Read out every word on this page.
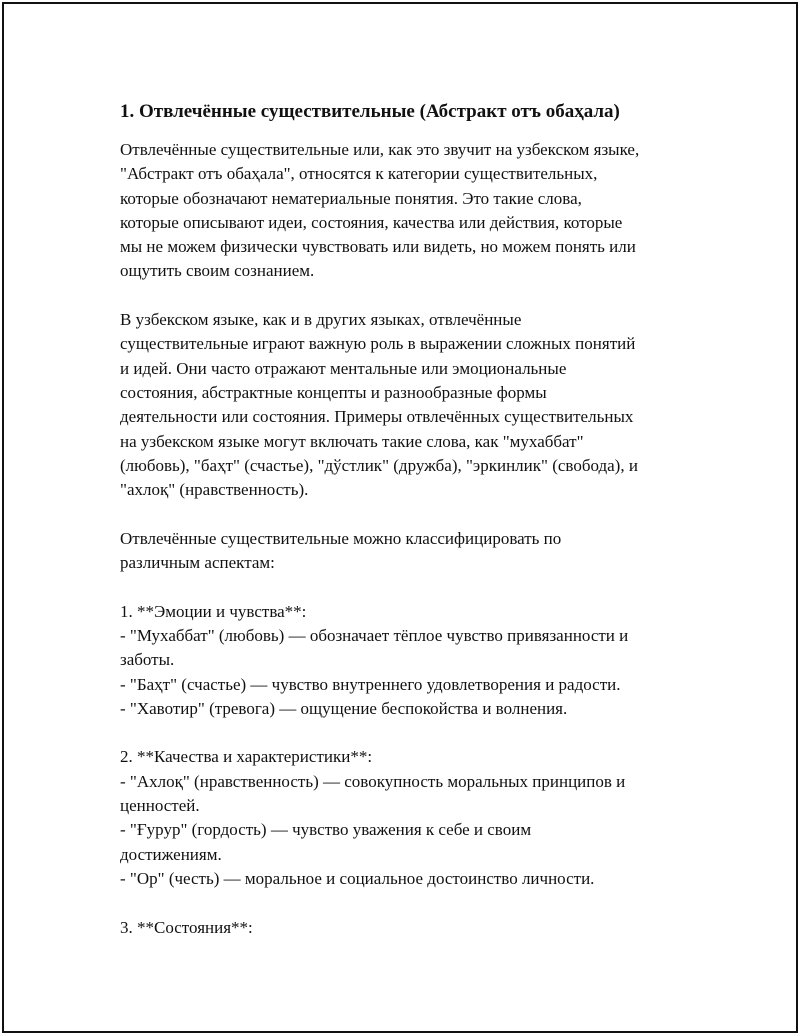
1. Отвлечённые существительные (Абстракт отъ обаҳала)

Отвлечённые существительные или, как это звучит на узбекском языке,
"Абстракт отъ обаҳала", относятся к категории существительных,
которые обозначают нематериальные понятия. Это такие слова,
которые описывают идеи, состояния, качества или действия, которые
мы не можем физически чувствовать или видеть, но можем понять или
ощутить своим сознанием.

В узбекском языке, как и в других языках, отвлечённые
существительные играют важную роль в выражении сложных понятий
и идей. Они часто отражают ментальные или эмоциональные
состояния, абстрактные концепты и разнообразные формы
деятельности или состояния. Примеры отвлечённых существительных
на узбекском языке могут включать такие слова, как "мухаббат"
(любовь), "баҳт" (счастье), "дўстлик" (дружба), "эркинлик" (свобода), и
"ахлоқ" (нравственность).

Отвлечённые существительные можно классифицировать по
различным аспектам:

1. **Эмоции и чувства**:
- "Мухаббат" (любовь) — обозначает тёплое чувство привязанности и
заботы.
- "Баҳт" (счастье) — чувство внутреннего удовлетворения и радости.
- "Хавотир" (тревога) — ощущение беспокойства и волнения.

2. **Качества и характеристики**:
- "Ахлоқ" (нравственность) — совокупность моральных принципов и
ценностей.
- "Ғурур" (гордость) — чувство уважения к себе и своим
достижениям.
- "Ор" (честь) — моральное и социальное достоинство личности.

3. **Состояния**:
